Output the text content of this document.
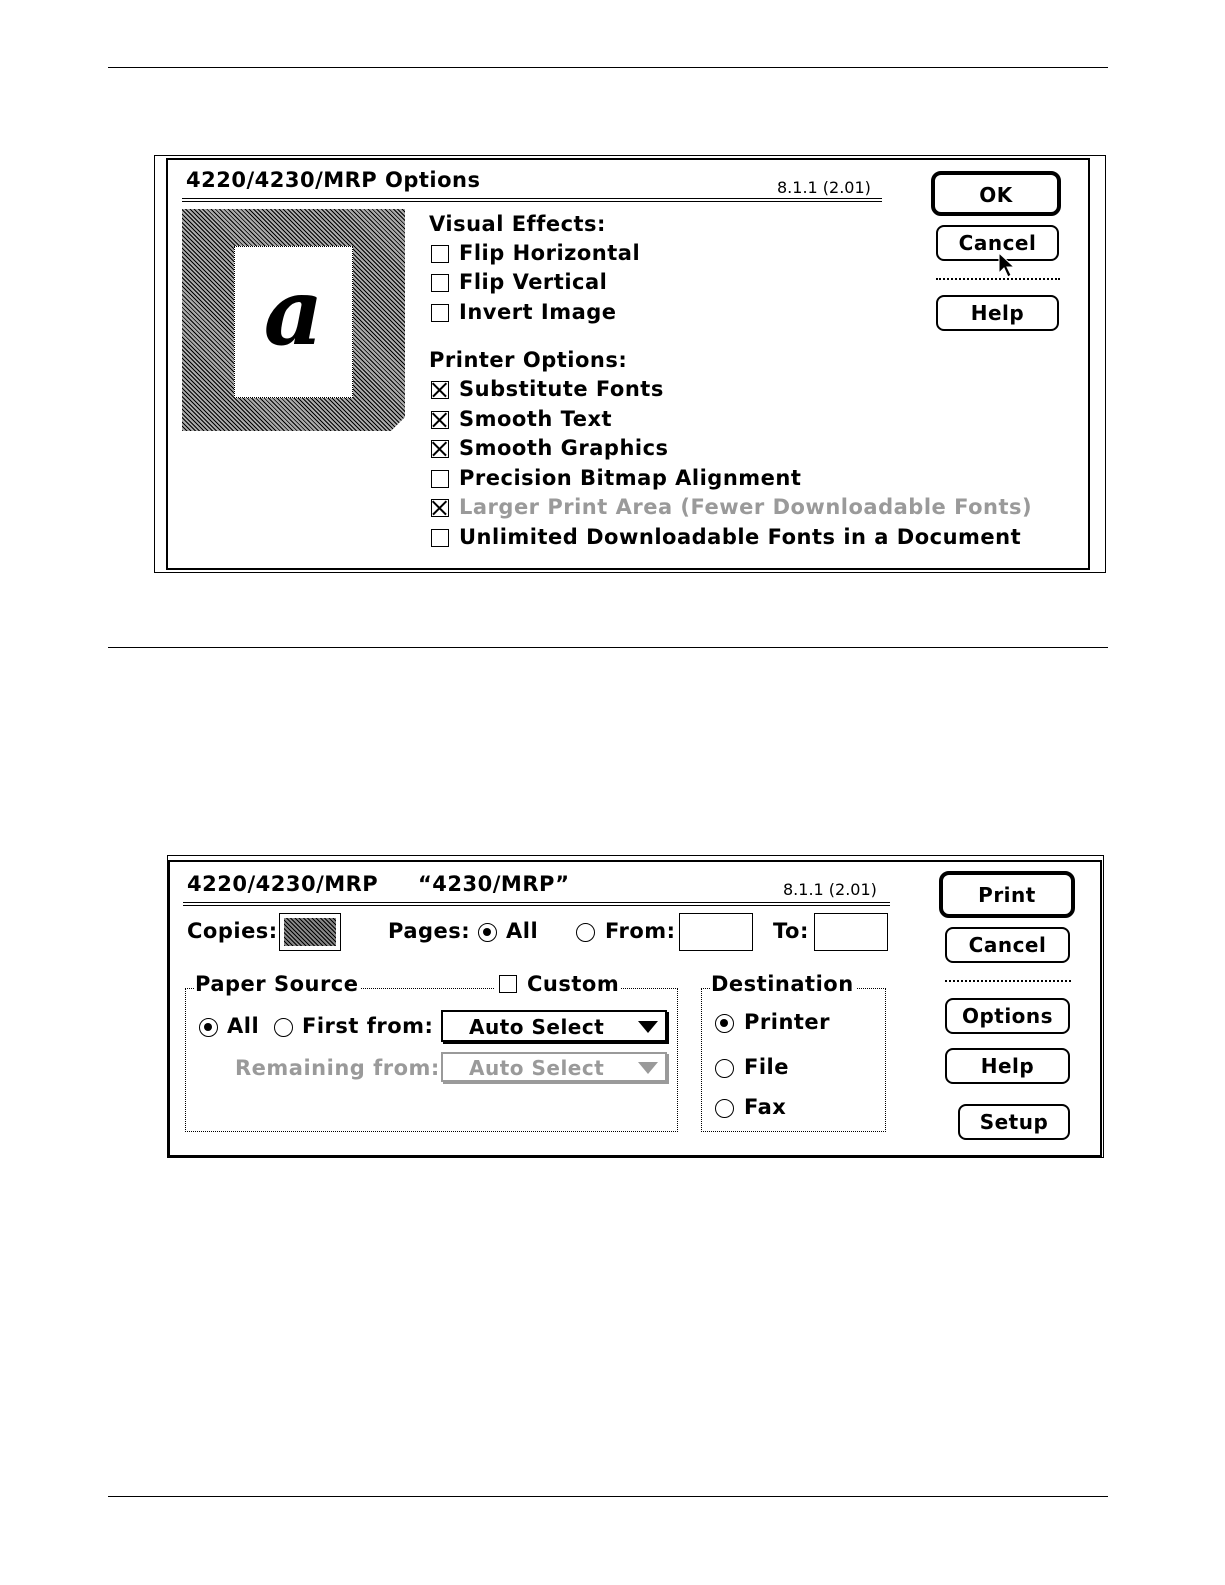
4220/4230/MRP Options	8.1.1 (2.01)
a
Visual Effects:
Flip Horizontal
Flip Vertical
Invert Image
Printer Options:
Substitute Fonts
Smooth Text
Smooth Graphics
Precision Bitmap Alignment
Larger Print Area (Fewer Downloadable Fonts)
Unlimited Downloadable Fonts in a Document
OK
Cancel
Help
4220/4230/MRP “4230/MRP”	8.1.1 (2.01)
Copies:	Pages: All	From:	To:
Paper Source	Custom
All First from: Auto Select
Remaining from: Auto Select
Destination
Printer
File
Fax
Print
Cancel
Options
Help
Setup
